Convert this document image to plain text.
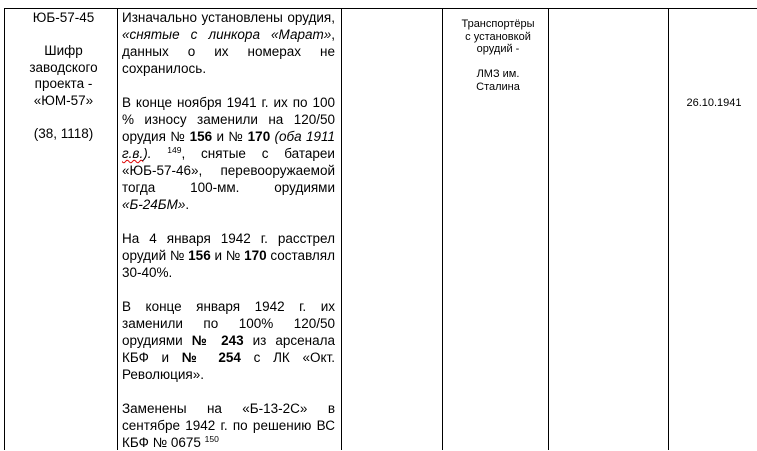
ЮБ-57-45

Шифр

заводского

проекта -

«ЮМ-57»

(38, 1118)

Изначально установлены орудия, «снятые с линкора «Марат», данных о их номерах не сохранилось.

В конце ноября 1941 г. их по 100 % износу заменили на 120/50 орудия № 156 и № 170 (оба 1911 г.в.). $^{149}$, снятые с батареи «ЮБ-57-46», перевооружаемой тогда 100-мм. орудиями «Б-24БМ».

На 4 января 1942 г. расстрел орудий № 156 и № 170 составлял 30-40%.

В конце января 1942 г. их заменили по 100% 120/50 орудиями № 243 из арсенала КБФ и № 254 с ЛК «Окт. Революция».

Заменены на «Б-13-2С» в сентябре 1942 г. по решению ВС КБФ № 0675 $^{150}$

Транспортёры

с установкой

орудий -

ЛМЗ им.

Сталина

26.10.1941
